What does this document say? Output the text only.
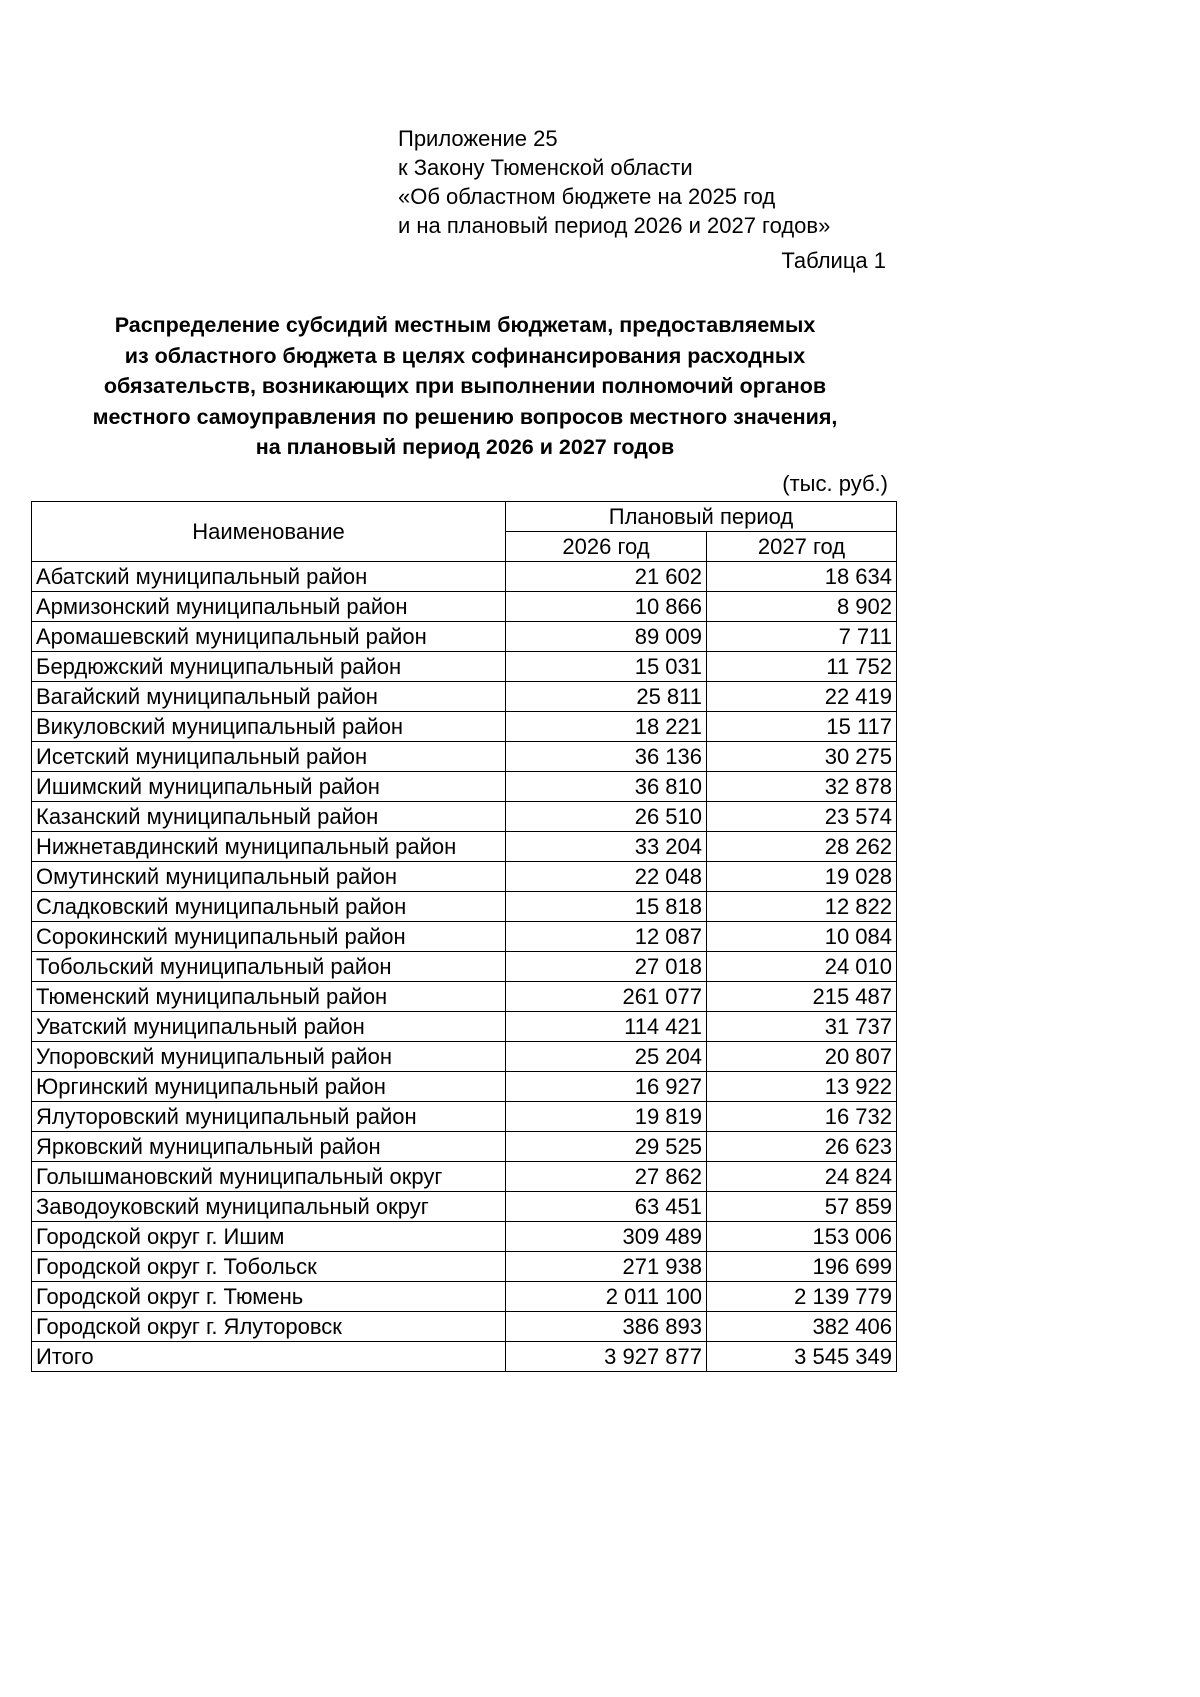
Приложение 25
к Закону Тюменской области
«Об областном бюджете на 2025 год
и на плановый период 2026 и 2027 годов»
Таблица 1
Распределение субсидий местным бюджетам, предоставляемых
из областного бюджета в целях софинансирования расходных
обязательств, возникающих при выполнении полномочий органов
местного самоуправления по решению вопросов местного значения,
на плановый период 2026 и 2027 годов
(тыс. руб.)
Наименование	Плановый период	
	2026 год	2027 год
Абатский муниципальный район	21 602	18 634
Армизонский муниципальный район	10 866	8 902
Аромашевский муниципальный район	89 009	7 711
Бердюжский муниципальный район	15 031	11 752
Вагайский муниципальный район	25 811	22 419
Викуловский муниципальный район	18 221	15 117
Исетский муниципальный район	36 136	30 275
Ишимский муниципальный район	36 810	32 878
Казанский муниципальный район	26 510	23 574
Нижнетавдинский муниципальный район	33 204	28 262
Омутинский муниципальный район	22 048	19 028
Сладковский муниципальный район	15 818	12 822
Сорокинский муниципальный район	12 087	10 084
Тобольский муниципальный район	27 018	24 010
Тюменский муниципальный район	261 077	215 487
Уватский муниципальный район	114 421	31 737
Упоровский муниципальный район	25 204	20 807
Юргинский муниципальный район	16 927	13 922
Ялуторовский муниципальный район	19 819	16 732
Ярковский муниципальный район	29 525	26 623
Голышмановский муниципальный округ	27 862	24 824
Заводоуковский муниципальный округ	63 451	57 859
Городской округ г. Ишим	309 489	153 006
Городской округ г. Тобольск	271 938	196 699
Городской округ г. Тюмень	2 011 100	2 139 779
Городской округ г. Ялуторовск	386 893	382 406
Итого	3 927 877	3 545 349
